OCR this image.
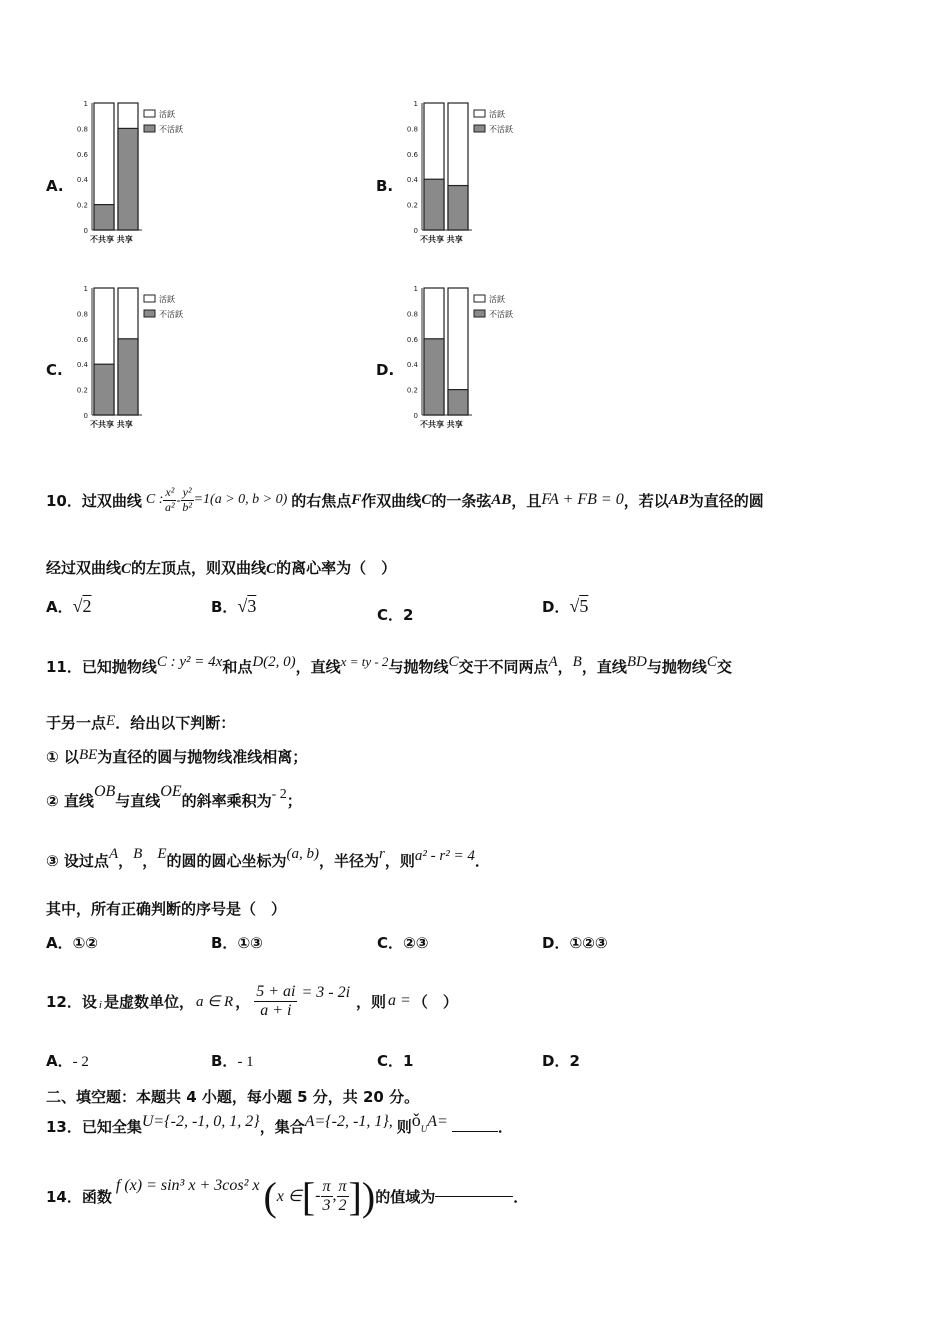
A.	B.
C.	D.
0
0.2
0.4
0.6
0.8
1
不共享 共享
活跃
不活跃
0
0.2
0.4
0.6
0.8
1
不共享 共享
活跃
不活跃
0
0.2
0.4
0.6
0.8
1
不共享 共享
活跃
不活跃
0
0.2
0.4
0.6
0.8
1
不共享 共享
活跃
不活跃
10．过双曲线 C : $\frac{\text{x²}}{\text{a²}} - \frac{\text{y²}}{\text{b²}} =1(a > 0$, b > 0) 的右焦点 F 作双曲线 C 的一条弦 AB ，且 FA + FB = 0 ，若以 AB 为直径的圆
经过双曲线C的左顶点，则双曲线C的离心率为（　）
A．√2	B．√3	C．2	D．√5
11．已知抛物线C : y² = 4x和点D(2, 0)，直线x = ty - 2与抛物线C交于不同两点A，B，直线BD与抛物线C交
于另一点E．给出以下判断：
① 以BE为直径的圆与抛物线准线相离；
② 直线OB与直线OE的斜率乘积为- 2；
③ 设过点A，B，E的圆的圆心坐标为(a, b)，半径为r，则a² - r² = 4．
其中，所有正确判断的序号是（　）
A．①②	B．①③	C．②③	D．①②③
12．设 i 是虚数单位， a ∈ R ， $\frac{5 + ai}{a + i} = 3 - 2i$ ，则 a = （　）
A．- 2	B．- 1	C．1	D．2
二、填空题：本题共 4 小题，每小题 5 分，共 20 分。
13．已知全集U={-2, -1, 0, 1, 2}，集合A={-2, -1, 1}, 则ǒUA=	．
14．函数
f (x) = sin³ x + 3cos² x ( x ∈ [ - $\frac{\pi}{3}$ , $\frac{\pi}{2}$ ] ) 的值域为	．
